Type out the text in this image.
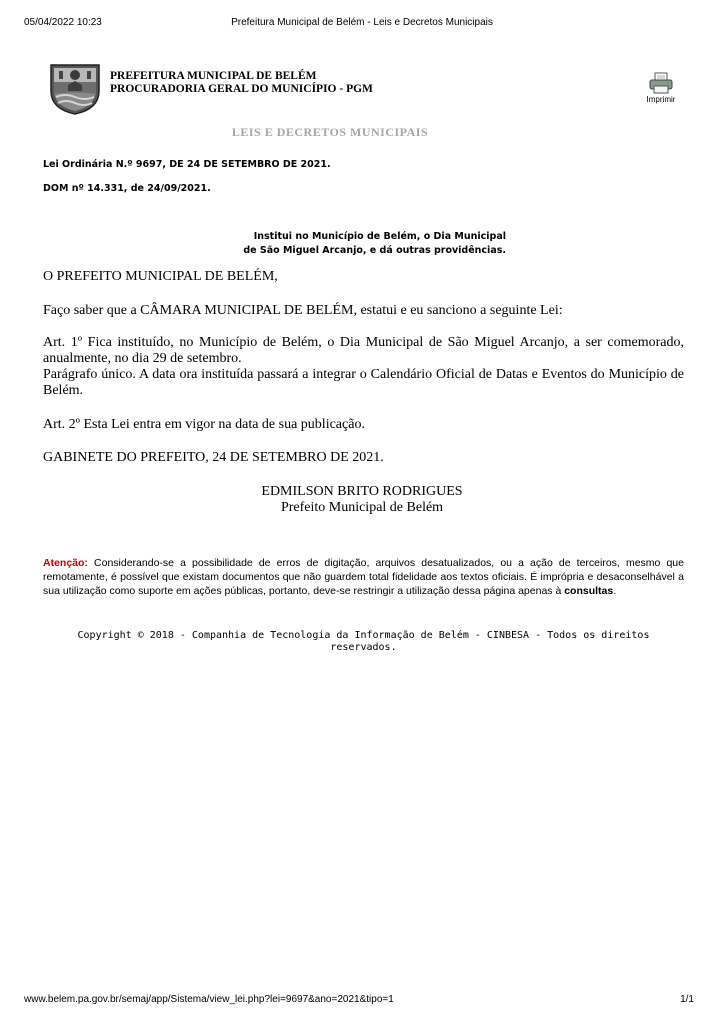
05/04/2022 10:23	Prefeitura Municipal de Belém - Leis e Decretos Municipais
PREFEITURA MUNICIPAL DE BELÉM
PROCURADORIA GERAL DO MUNICÍPIO - PGM
Imprimir
LEIS E DECRETOS MUNICIPAIS
Lei Ordinária N.º 9697, DE 24 DE SETEMBRO DE 2021.
DOM nº 14.331, de 24/09/2021.
Institui no Município de Belém, o Dia Municipal
de São Miguel Arcanjo, e dá outras providências.
O PREFEITO MUNICIPAL DE BELÉM,
Faço saber que a CÂMARA MUNICIPAL DE BELÉM, estatui e eu sanciono a seguinte Lei:
Art. 1º Fica instituído, no Município de Belém, o Dia Municipal de São Miguel Arcanjo, a ser comemorado, anualmente, no dia 29 de setembro.
Parágrafo único. A data ora instituída passará a integrar o Calendário Oficial de Datas e Eventos do Município de Belém.
Art. 2º Esta Lei entra em vigor na data de sua publicação.
GABINETE DO PREFEITO, 24 DE SETEMBRO DE 2021.
EDMILSON BRITO RODRIGUES
Prefeito Municipal de Belém
Atenção: Considerando-se a possibilidade de erros de digitação, arquivos desatualizados, ou a ação de terceiros, mesmo que remotamente, é possível que existam documentos que não guardem total fidelidade aos textos oficiais. É imprópria e desaconselhável a sua utilização como suporte em ações públicas, portanto, deve-se restringir a utilização dessa página apenas à consultas.
Copyright © 2018 - Companhia de Tecnologia da Informação de Belém - CINBESA - Todos os direitos reservados.
www.belem.pa.gov.br/semaj/app/Sistema/view_lei.php?lei=9697&ano=2021&tipo=1	1/1
